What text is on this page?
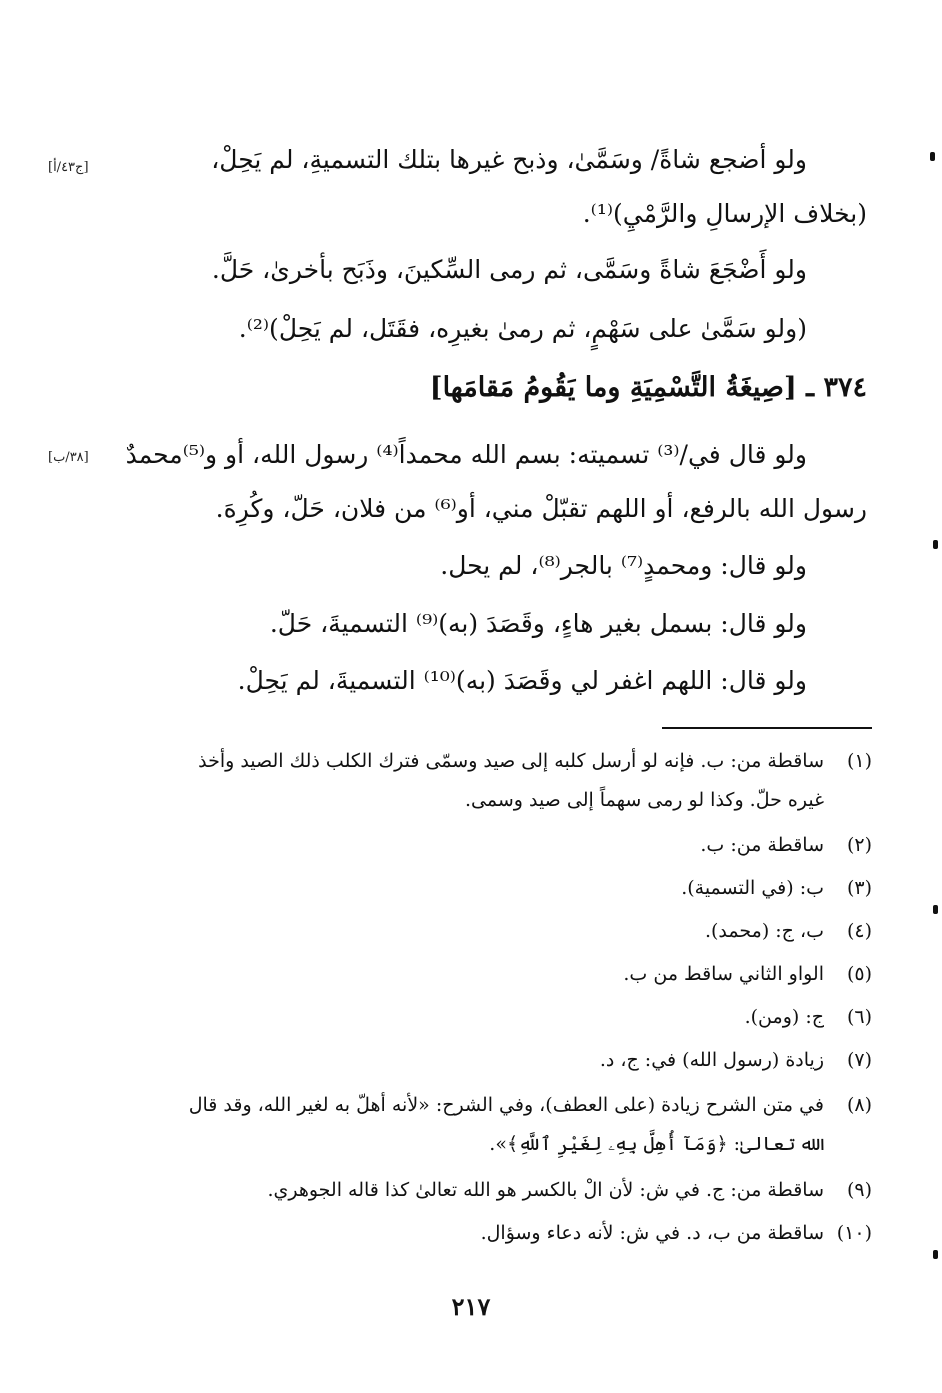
[ج٤٣/أ]
[٣٨/ب]
ولو أضجع شاةً/ وسَمَّىٰ، وذبح غيرها بتلك التسميةِ، لم يَحِلْ،
(بخلاف الإرسالِ والرَّمْيِ)⁽¹⁾.
ولو أَضْجَعَ شاةً وسَمَّى، ثم رمى السِّكينَ، وذَبَح بأخرىٰ، حَلَّ.
(ولو سَمَّىٰ على سَهْمٍ، ثم رمىٰ بغيرِه، فقَتَل، لم يَحِلْ)⁽²⁾.
٣٧٤ ـ [صِيغَةُ التَّسْمِيَةِ وما يَقُومُ مَقامَها]
ولو قال في/⁽³⁾ تسميته: بسم الله محمداً⁽⁴⁾ رسول الله، أو و⁽⁵⁾محمدٌ
رسول الله بالرفع، أو اللهم تقبّلْ مني، أو⁽⁶⁾ من فلان، حَلّ، وكُرِهَ.
ولو قال: ومحمدٍ⁽⁷⁾ بالجر⁽⁸⁾، لم يحل.
ولو قال: بسمل بغير هاءٍ، وقَصَدَ (به)⁽⁹⁾ التسميةَ، حَلّ.
ولو قال: اللهم اغفر لي وقَصَدَ (به)⁽¹⁰⁾ التسميةَ، لم يَحِلْ.
(١)
ساقطة من: ب. فإنه لو أرسل كلبه إلى صيد وسمّى فترك الكلب ذلك الصيد وأخذ
غيره حلّ. وكذا لو رمى سهماً إلى صيد وسمى.
(٢)
ساقطة من: ب.
(٣)
ب: (في التسمية).
(٤)
ب، ج: (محمد).
(٥)
الواو الثاني ساقط من ب.
(٦)
ج: (ومن).
(٧)
زيادة (رسول الله) في: ج، د.
(٨)
في متن الشرح زيادة (على العطف)، وفي الشرح: «لأنه أهلّ به لغير الله، وقد قال
الله تعالىٰ: ﴿وَمَآ أُهِلَّ بِهِۦ لِغَيْرِ ٱللَّهِ﴾».
(٩)
ساقطة من: ج. في ش: لأن الْ بالكسر هو الله تعالىٰ كذا قاله الجوهري.
(١٠)
ساقطة من ب، د. في ش: لأنه دعاء وسؤال.
٢١٧
